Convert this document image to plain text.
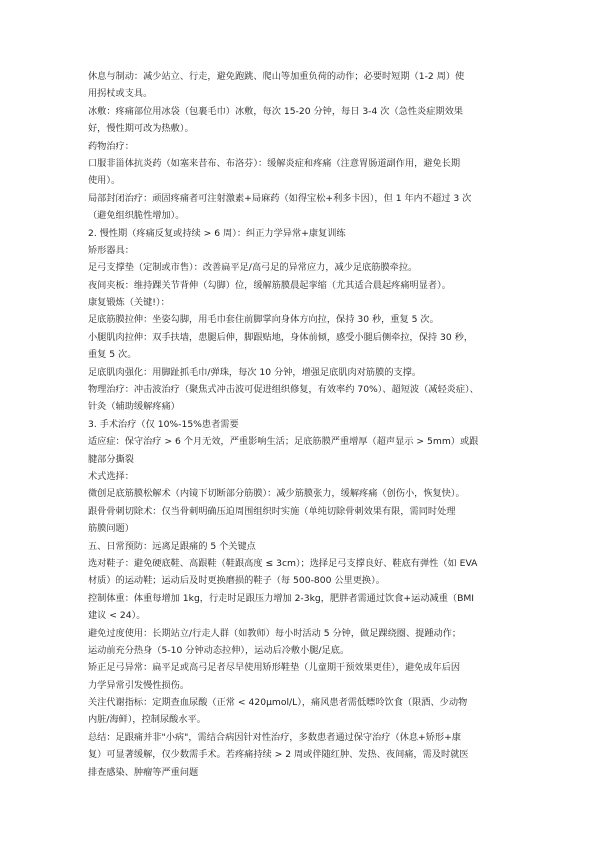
休息与制动：减少站立、行走，避免跑跳、爬山等加重负荷的动作；必要时短期（1-2 周）使
用拐杖或支具。
冰敷：疼痛部位用冰袋（包裹毛巾）冰敷，每次 15-20 分钟，每日 3-4 次（急性炎症期效果
好，慢性期可改为热敷）。
药物治疗：
口服非甾体抗炎药（如塞来昔布、布洛芬）：缓解炎症和疼痛（注意胃肠道副作用，避免长期
使用）。
局部封闭治疗：顽固疼痛者可注射激素+局麻药（如得宝松+利多卡因），但 1 年内不超过 3 次
（避免组织脆性增加）。
2. 慢性期（疼痛反复或持续 > 6 周）：纠正力学异常+康复训练
矫形器具：
足弓支撑垫（定制或市售）：改善扁平足/高弓足的异常应力，减少足底筋膜牵拉。
夜间夹板：维持踝关节背伸（勾脚）位，缓解筋膜晨起挛缩（尤其适合晨起疼痛明显者）。
康复锻炼（关键!）：
足底筋膜拉伸：坐姿勾脚，用毛巾套住前脚掌向身体方向拉，保持 30 秒，重复 5 次。
小腿肌肉拉伸：双手扶墙，患腿后伸，脚跟贴地，身体前倾，感受小腿后侧牵拉，保持 30 秒，
重复 5 次。
足底肌肉强化：用脚趾抓毛巾/弹珠，每次 10 分钟，增强足底肌肉对筋膜的支撑。
物理治疗：冲击波治疗（聚焦式冲击波可促进组织修复，有效率约 70%）、超短波（减轻炎症）、
针灸（辅助缓解疼痛）
3. 手术治疗（仅 10%-15%患者需要
适应症：保守治疗 > 6 个月无效，严重影响生活；足底筋膜严重增厚（超声显示 > 5mm）或跟
腱部分撕裂
术式选择：
微创足底筋膜松解术（内镜下切断部分筋膜）：减少筋膜张力，缓解疼痛（创伤小，恢复快）。
跟骨骨刺切除术：仅当骨刺明确压迫周围组织时实施（单纯切除骨刺效果有限，需同时处理
筋膜问题）
五、日常预防：远离足跟痛的 5 个关键点
选对鞋子：避免硬底鞋、高跟鞋（鞋跟高度 ≤ 3cm）；选择足弓支撑良好、鞋底有弹性（如 EVA
材质）的运动鞋；运动后及时更换磨损的鞋子（每 500-800 公里更换）。
控制体重：体重每增加 1kg，行走时足跟压力增加 2-3kg，肥胖者需通过饮食+运动减重（BMI
建议 < 24）。
避免过度使用：长期站立/行走人群（如教师）每小时活动 5 分钟，做足踝绕圈、提踵动作；
运动前充分热身（5-10 分钟动态拉伸），运动后冷敷小腿/足底。
矫正足弓异常：扁平足或高弓足者尽早使用矫形鞋垫（儿童期干预效果更佳），避免成年后因
力学异常引发慢性损伤。
关注代谢指标：定期查血尿酸（正常 < 420μmol/L），痛风患者需低嘌呤饮食（限酒、少动物
内脏/海鲜），控制尿酸水平。
总结：足跟痛并非"小病"，需结合病因针对性治疗，多数患者通过保守治疗（休息+矫形+康
复）可显著缓解，仅少数需手术。若疼痛持续 > 2 周或伴随红肿、发热、夜间痛，需及时就医
排查感染、肿瘤等严重问题
